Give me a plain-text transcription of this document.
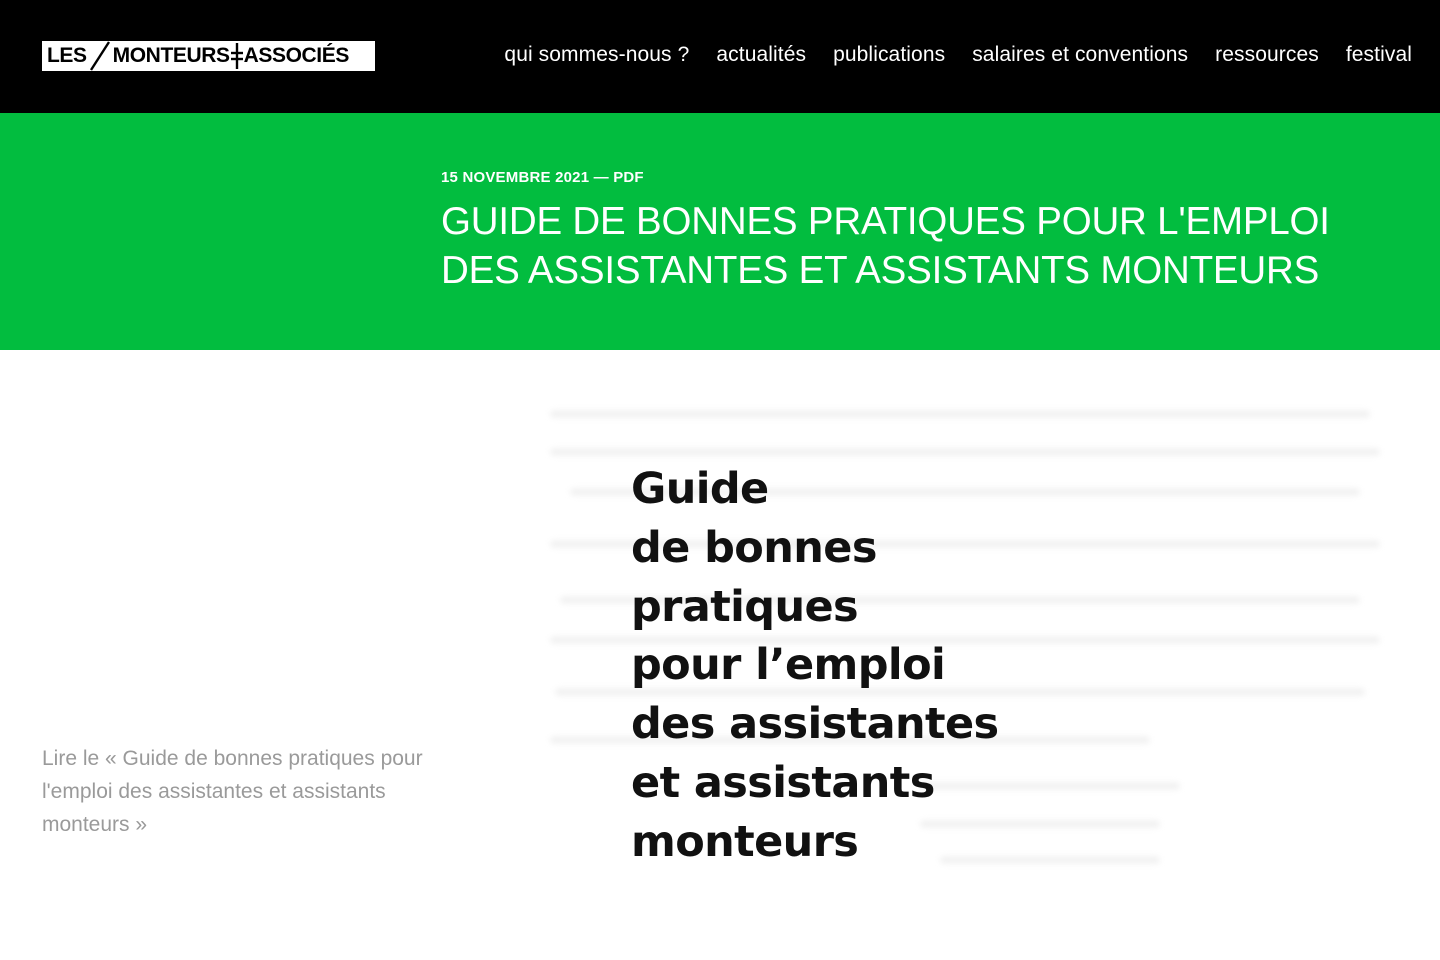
LES MONTEURS ASSOCIÉS	qui sommes-nous ? actualités publications salaires et conventions ressources festival
15 NOVEMBRE 2021 — PDF
GUIDE DE BONNES PRATIQUES POUR L'EMPLOI DES ASSISTANTES ET ASSISTANTS MONTEURS
Lire le « Guide de bonnes pratiques pour l'emploi des assistantes et assistants monteurs »
Guide
de bonnes
pratiques
pour l’emploi
des assistantes
et assistants
monteurs
